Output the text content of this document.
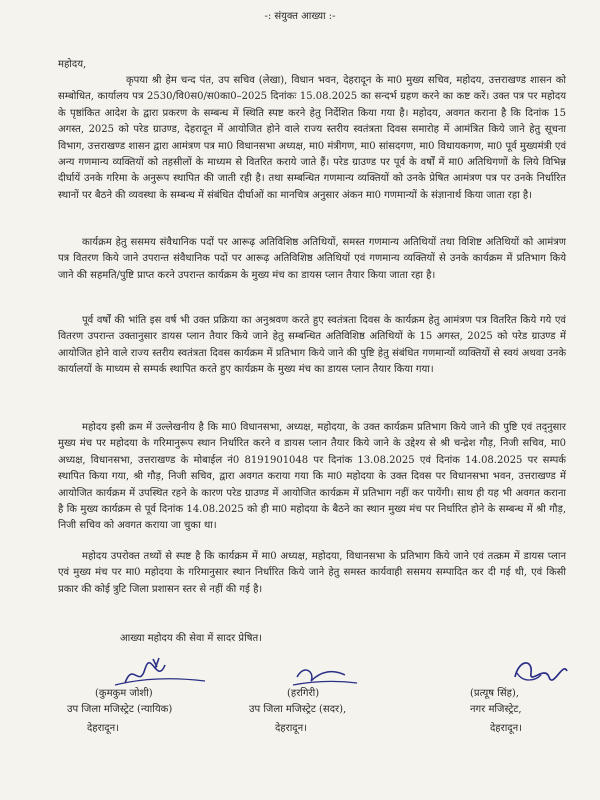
-: संयुक्त आख्या :-
महोदय,

कृपया श्री हेम चन्द पंत, उप सचिव (लेखा), विधान भवन, देहरादून के मा0 मुख्य सचिव, महोदय, उत्तराखण्ड शासन को सम्बोधित, कार्यालय पत्र 2530/वि0स0/स0का0–2025 दिनांकः 15.08.2025 का सन्दर्भ ग्रहण करने का कष्ट करें। उक्त पत्र पर महोदय के पृष्ठांकित आदेश के द्वारा प्रकरण के सम्बन्ध में स्थिति स्पष्ट करने हेतु निर्देशित किया गया है। महोदय, अवगत कराना है कि दिनांक 15 अगस्त, 2025 को परेड ग्राउण्ड, देहरादून में आयोजित होने वाले राज्य स्तरीय स्वतंत्रता दिवस समारोह में आमंत्रित किये जाने हेतु सूचना विभाग, उत्तराखण्ड शासन द्वारा आमंत्रण पत्र मा0 विधानसभा अध्यक्ष, मा0 मंत्रीगण, मा0 सांसदगण, मा0 विधायकगण, मा0 पूर्व मुख्यमंत्री एवं अन्य गणमान्य व्यक्तियों को तहसीलों के माध्यम से वितरित कराये जाते हैं। परेड ग्राउण्ड पर पूर्व के वर्षों में मा0 अतिथिगणों के लिये विभिन्न दीर्घायें उनके गरिमा के अनुरूप स्थापित की जाती रही है। तथा सम्बन्धित गणमान्य व्यक्तियों को उनके प्रेषित आमंत्रण पत्र पर उनके निर्धारित स्थानों पर बैठने की व्यवस्था के सम्बन्ध में संबंधित दीर्घाओं का मानचित्र अनुसार अंकन मा0 गणमान्यों के संज्ञानार्थ किया जाता रहा है।

कार्यक्रम हेतु ससमय संवैधानिक पदों पर आरूढ़ अतिविशिष्ठ अतिथियों, समस्त गणमान्य अतिथियों तथा विशिष्ट अतिथियों को आमंत्रण पत्र वितरण किये जाने उपरान्त संवैधानिक पदों पर आरूढ़ अतिविशिष्ठ अतिथियों एवं गणमान्य व्यक्तियों से उनके कार्यक्रम में प्रतिभाग किये जाने की सहमति/पुष्टि प्राप्त करने उपरान्त कार्यक्रम के मुख्य मंच का डायस प्लान तैयार किया जाता रहा है।

पूर्व वर्षों की भांति इस वर्ष भी उक्त प्रक्रिया का अनुश्रवण करते हुए स्वतंत्रता दिवस के कार्यक्रम हेतु आमंत्रण पत्र वितरित किये गये एवं वितरण उपरान्त उक्तानुसार डायस प्लान तैयार किये जाने हेतु सम्बन्धित अतिविशिष्ठ अतिथियों के 15 अगस्त, 2025 को परेड ग्राउण्ड में आयोजित होने वाले राज्य स्तरीय स्वतंत्रता दिवस कार्यक्रम में प्रतिभाग किये जाने की पुष्टि हेतु संबंधित गणमान्यों व्यक्तियों से स्वयं अथवा उनके कार्यालयों के माध्यम से सम्पर्क स्थापित करते हुए कार्यक्रम के मुख्य मंच का डायस प्लान तैयार किया गया।

महोदय इसी क्रम में उल्लेखनीय है कि मा0 विधानसभा, अध्यक्ष, महोदया, के उक्त कार्यक्रम प्रतिभाग किये जाने की पुष्टि एवं तद्नुसार मुख्य मंच पर महोदया के गरिमानुरूप स्थान निर्धारित करने व डायस प्लान तैयार किये जाने के उद्देश्य से श्री चन्द्रेश गौड़, निजी सचिव, मा0 अध्यक्ष, विधानसभा, उत्तराखण्ड के मोबाईल नं0 8191901048 पर दिनांक 13.08.2025 एवं दिनांक 14.08.2025 पर सम्पर्क स्थापित किया गया, श्री गौड़, निजी सचिव, द्वारा अवगत कराया गया कि मा0 महोदया के उक्त दिवस पर विधानसभा भवन, उत्तराखण्ड में आयोजित कार्यक्रम में उपस्थित रहने के कारण परेड ग्राउण्ड में आयोजित कार्यक्रम में प्रतिभाग नहीं कर पायेंगी। साथ ही यह भी अवगत कराना है कि मुख्य कार्यक्रम से पूर्व दिनांक 14.08.2025 को ही मा0 महोदया के बैठने का स्थान मुख्य मंच पर निर्धारित होने के सम्बन्ध में श्री गौड़, निजी सचिव को अवगत कराया जा चुका था।

महोदय उपरोक्त तथ्यों से स्पष्ट है कि कार्यक्रम में मा0 अध्यक्ष, महोदया, विधानसभा के प्रतिभाग किये जाने एवं तत्क्रम में डायस प्लान एवं मुख्य मंच पर मा0 महोदया के गरिमानुसार स्थान निर्धारित किये जाने हेतु समस्त कार्यवाही ससमय सम्पादित कर दी गई थी, एवं किसी प्रकार की कोई त्रुटि जिला प्रशासन स्तर से नहीं की गई है।

आख्या महोदय की सेवा में सादर प्रेषित।
(कुमकुम जोशी)
उप जिला मजिस्ट्रेट (न्यायिक)
देहरादून।
(हरगिरी)
उप जिला मजिस्ट्रेट (सदर),
देहरादून।
(प्रत्यूष सिंह),
नगर मजिस्ट्रेट,
देहरादून।
